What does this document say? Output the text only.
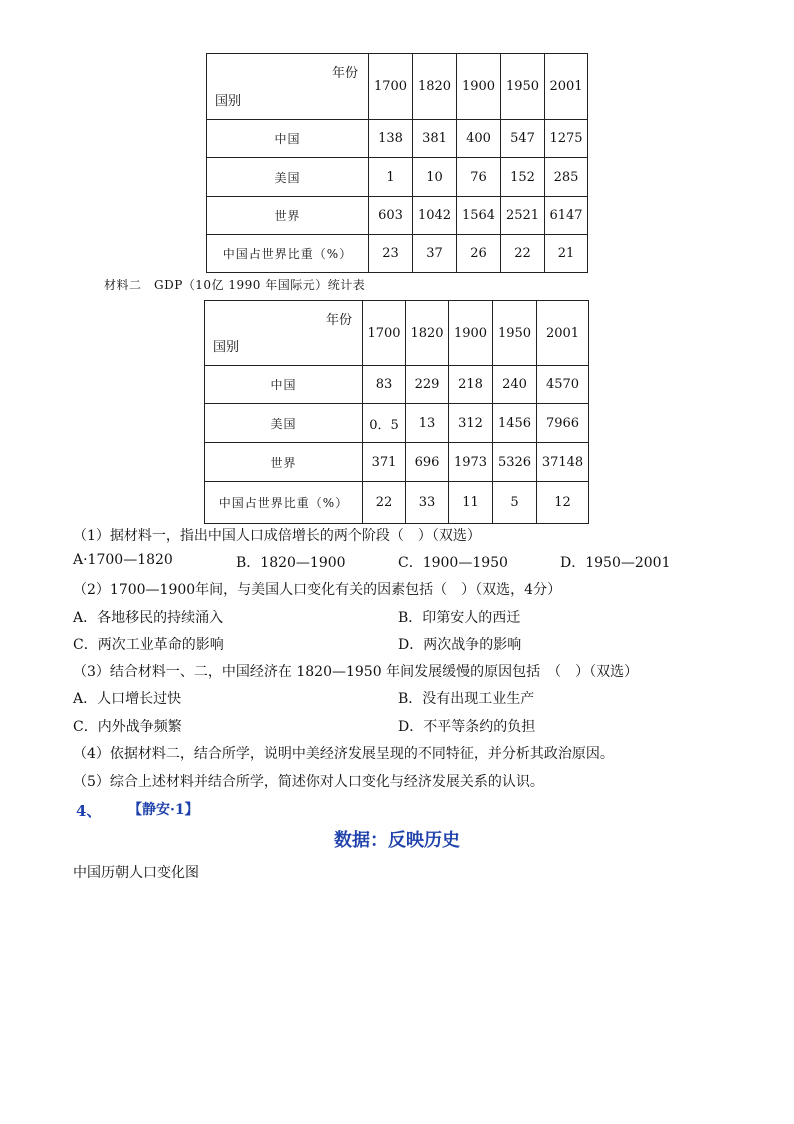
年份
国别	1700	1820	1900	1950	2001
中国	138	381	400	547	1275
美国	1	10	76	152	285
世界	603	1042	1564	2521	6147
中国占世界比重（%）	23	37	26	22	21
材料二　GDP（10亿 1990 年国际元）统计表
年份
国别	1700	1820	1900	1950	2001
中国	83	229	218	240	4570
美国	0．5	13	312	1456	7966
世界	371	696	1973	5326	37148
中国占世界比重（%）	22	33	11	5	12
（1）据材料一，指出中国人口成倍增长的两个阶段（　）（双选）
A·1700—1820	B．1820—1900	C．1900—1950	D．1950—2001
（2）1700—1900年间，与美国人口变化有关的因素包括（　）（双选，4分）
A．各地移民的持续涌入	B．印第安人的西迁
C．两次工业革命的影响	D．两次战争的影响
（3）结合材料一、二，中国经济在 1820—1950 年间发展缓慢的原因包括　（　）（双选）
A．人口增长过快	B．没有出现工业生产
C．内外战争频繁	D．不平等条约的负担
（4）依据材料二，结合所学，说明中美经济发展呈现的不同特征，并分析其政治原因。
（5）综合上述材料并结合所学，简述你对人口变化与经济发展关系的认识。
4、 【静安·1】
数据：反映历史
中国历朝人口变化图
